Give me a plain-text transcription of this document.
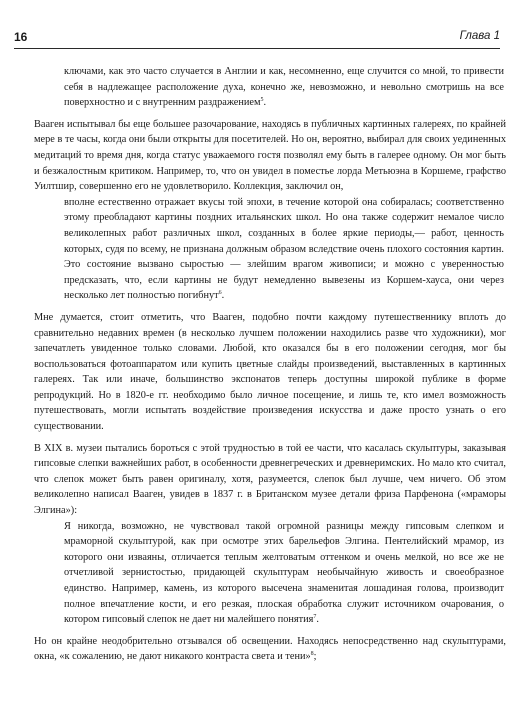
16	Глава 1

ключами, как это часто случается в Англии и как, несомненно, еще случится со мной, то привести себя в надлежащее расположение духа, конечно же, невозможно, и невольно смотришь на все поверхностно и с внутренним раздражением$^5$.

Вааген испытывал бы еще большее разочарование, находясь в публичных картинных галереях, по крайней мере в те часы, когда они были открыты для посетителей. Но он, вероятно, выбирал для своих уединенных медитаций то время дня, когда статус уважаемого гостя позволял ему быть в галерее одному. Он мог быть и безжалостным критиком. Например, то, что он увидел в поместье лорда Метьюэна в Коршеме, графство Уилтшир, совершенно его не удовлетворило. Коллекция, заключил он,

вполне естественно отражает вкусы той эпохи, в течение которой она собиралась; соответственно этому преобладают картины поздних итальянских школ. Но она также содержит немалое число великолепных работ различных школ, созданных в более яркие периоды,— работ, ценность которых, судя по всему, не признана должным образом вследствие очень плохого состояния картин. Это состояние вызвано сыростью — злейшим врагом живописи; и можно с уверенностью предсказать, что, если картины не будут немедленно вывезены из Коршем-хауса, они через несколько лет полностью погибнут$^6$.

Мне думается, стоит отметить, что Вааген, подобно почти каждому путешественнику вплоть до сравнительно недавних времен (в несколько лучшем положении находились разве что художники), мог запечатлеть увиденное только словами. Любой, кто оказался бы в его положении сегодня, мог бы воспользоваться фотоаппаратом или купить цветные слайды произведений, выставленных в картинных галереях. Так или иначе, большинство экспонатов теперь доступны широкой публике в форме репродукций. Но в 1820-е гг. необходимо было личное посещение, и лишь те, кто имел возможность путешествовать, могли испытать воздействие произведения искусства и даже просто узнать о его существовании.

В XIX в. музеи пытались бороться с этой трудностью в той ее части, что касалась скульптуры, заказывая гипсовые слепки важнейших работ, в особенности древнегреческих и древнеримских. Но мало кто считал, что слепок может быть равен оригиналу, хотя, разумеется, слепок был лучше, чем ничего. Об этом великолепно написал Вааген, увидев в 1837 г. в Британском музее детали фриза Парфенона («мраморы Элгина»):

Я никогда, возможно, не чувствовал такой огромной разницы между гипсовым слепком и мраморной скульптурой, как при осмотре этих барельефов Элгина. Пентелийский мрамор, из которого они изваяны, отличается теплым желтоватым оттенком и очень мелкой, но все же не отчетливой зернистостью, придающей скульптурам необычайную живость и своеобразное единство. Например, камень, из которого высечена знаменитая лошадиная голова, производит полное впечатление кости, и его резкая, плоская обработка служит источником очарования, о котором гипсовый слепок не дает ни малейшего понятия$^7$.

Но он крайне неодобрительно отзывался об освещении. Находясь непосредственно над скульптурами, окна, «к сожалению, не дают никакого контраста света и тени»$^8$;
